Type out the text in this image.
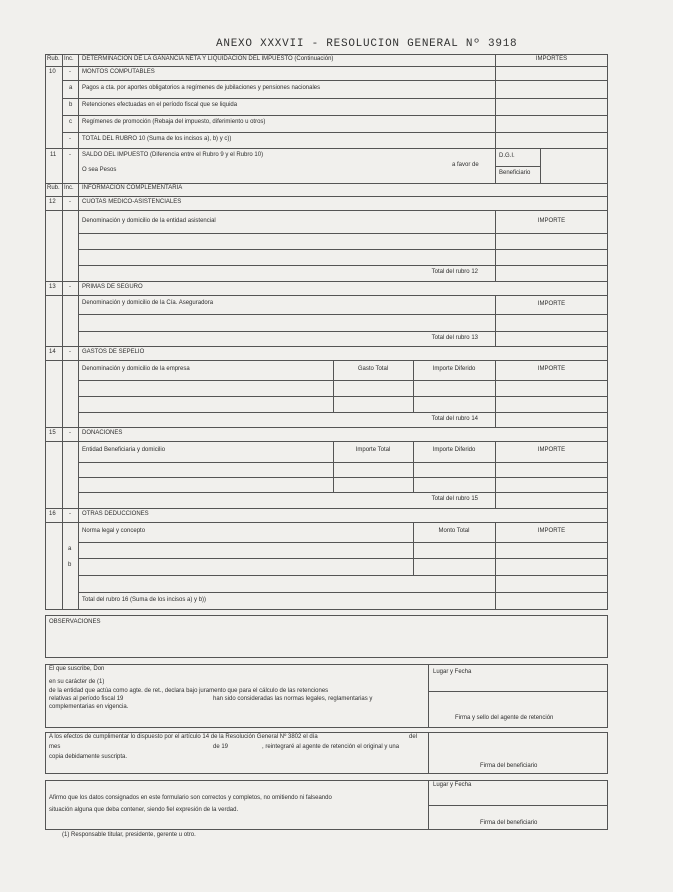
ANEXO XXXVII - RESOLUCION GENERAL Nº 3918
Rub. Inc. DETERMINACION DE LA GANANCIA NETA Y LIQUIDACION DEL IMPUESTO (Continuación)	IMPORTES
10 - MONTOS COMPUTABLES
a Pagos a cta. por aportes obligatorios a regímenes de jubilaciones y pensiones nacionales
b Retenciones efectuadas en el período fiscal que se liquida
c Regímenes de promoción (Rebaja del impuesto, diferimiento u otros)
- TOTAL DEL RUBRO 10 (Suma de los incisos a), b) y c))
11 - SALDO DEL IMPUESTO (Diferencia entre el Rubro 9 y el Rubro 10)
O sea Pesos
a favor de
D.G.I.
Beneficiario
Rub. Inc. INFORMACION COMPLEMENTARIA
12 - CUOTAS MEDICO-ASISTENCIALES
Denominación y domicilio de la entidad asistencial	IMPORTE
Total del rubro 12
13 - PRIMAS DE SEGURO
Denominación y domicilio de la Cía. Aseguradora	IMPORTE
Total del rubro 13
14 - GASTOS DE SEPELIO
Denominación y domicilio de la empresa	Gasto Total	Importe Diferido	IMPORTE
Total del rubro 14
15 - DONACIONES
Entidad Beneficiaria y domicilio	Importe Total	Importe Diferido	IMPORTE
Total del rubro 15
16 - OTRAS DEDUCCIONES
Norma legal y concepto	Monto Total	IMPORTE
a
b
Total del rubro 16 (Suma de los incisos a) y b))
OBSERVACIONES
El que suscribe, Don
en su carácter de (1)
de la entidad que actúa como agte. de ret., declara bajo juramento que para el cálculo de las retenciones
relativas al período fiscal 19	han sido consideradas las normas legales, reglamentarias y
complementarias en vigencia.
Lugar y Fecha
Firma y sello del agente de retención
A los efectos de cumplimentar lo dispuesto por el artículo 14 de la Resolución General Nº 3802 el día	del
mes	de 19	, reintegraré al agente de retención el original y una
copia debidamente suscripta.
Firma del beneficiario
Lugar y Fecha
Afirmo que los datos consignados en este formulario son correctos y completos, no omitiendo ni falseando
situación alguna que deba contener, siendo fiel expresión de la verdad.
Firma del beneficiario
(1) Responsable titular, presidente, gerente u otro.
